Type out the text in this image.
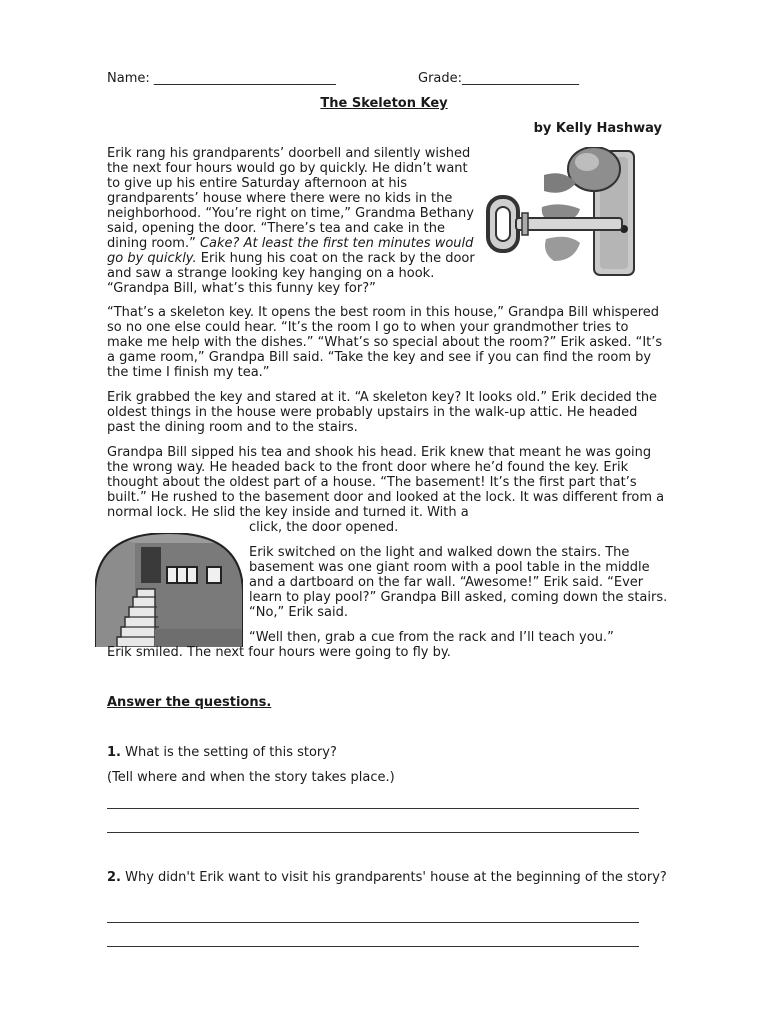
Name: ____________________________	Grade:__________________
The Skeleton Key
by Kelly Hashway

Erik rang his grandparents’ doorbell and silently wished the next four hours would go by quickly. He didn’t want to give up his entire Saturday afternoon at his grandparents’ house where there were no kids in the neighborhood. “You’re right on time,” Grandma Bethany said, opening the door. “There’s tea and cake in the dining room.” Cake? At least the first ten minutes would go by quickly. Erik hung his coat on the rack by the door and saw a strange looking key hanging on a hook. “Grandpa Bill, what’s this funny key for?”

“That’s a skeleton key. It opens the best room in this house,” Grandpa Bill whispered so no one else could hear. “It’s the room I go to when your grandmother tries to make me help with the dishes.” “What’s so special about the room?” Erik asked. “It’s a game room,” Grandpa Bill said. “Take the key and see if you can find the room by the time I finish my tea.”

Erik grabbed the key and stared at it. “A skeleton key? It looks old.” Erik decided the oldest things in the house were probably upstairs in the walk-up attic. He headed past the dining room and to the stairs.

Grandpa Bill sipped his tea and shook his head. Erik knew that meant he was going the wrong way. He headed back to the front door where he’d found the key. Erik thought about the oldest part of a house. “The basement! It’s the first part that’s built.” He rushed to the basement door and looked at the lock. It was different from a normal lock. He slid the key inside and turned it. With a

click, the door opened.

Erik switched on the light and walked down the stairs. The basement was one giant room with a pool table in the middle and a dartboard on the far wall. “Awesome!” Erik said. “Ever learn to play pool?” Grandpa Bill asked, coming down the stairs. “No,” Erik said.

“Well then, grab a cue from the rack and I’ll teach you.”

Erik smiled. The next four hours were going to fly by.

Answer the questions.
1. What is the setting of this story?
(Tell where and when the story takes place.)
2. Why didn't Erik want to visit his grandparents' house at the beginning of the story?
